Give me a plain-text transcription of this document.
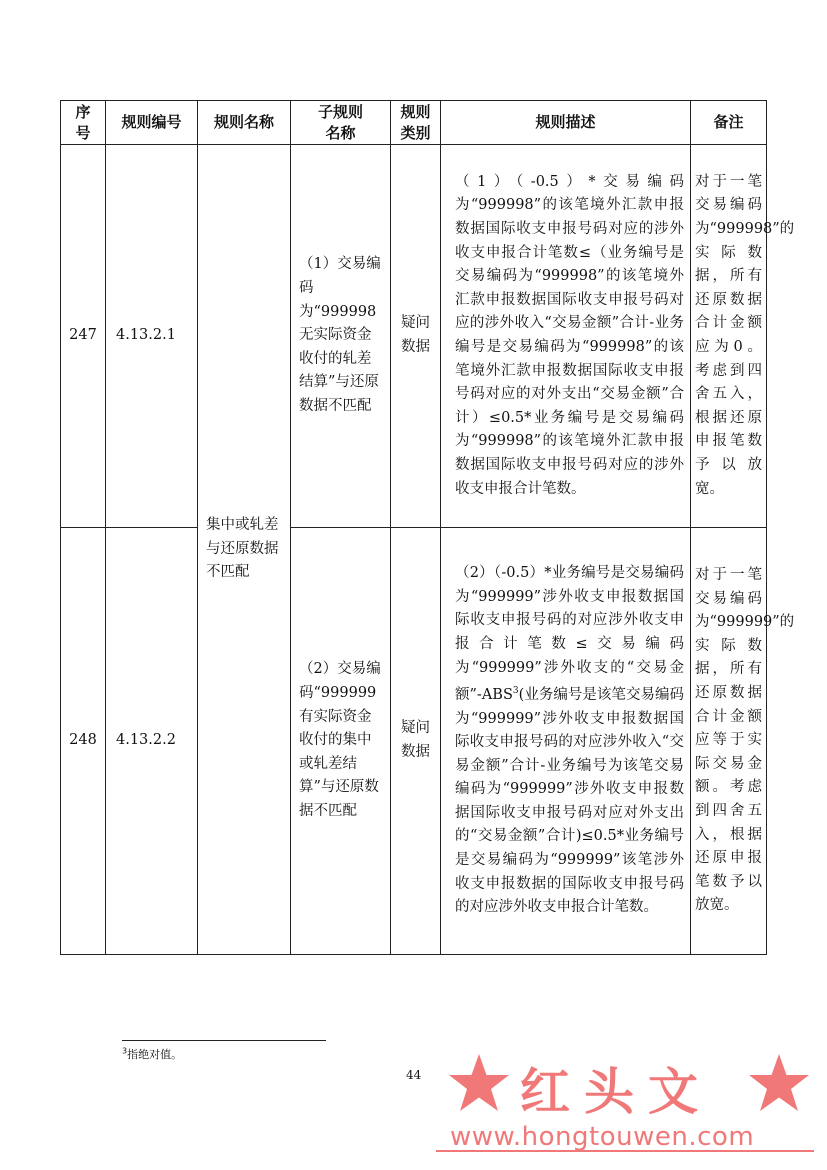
序号	规则编号	规则名称	子规则名称	规则类别	规则描述	备注
247	4.13.2.1	集中或轧差与还原数据不匹配	（1）交易编码为“999998 无实际资金收付的轧差结算”与还原数据不匹配	疑问数据	（1）（-0.5）*交易编码为“999998”的该笔境外汇款申报数据国际收支申报号码对应的涉外收支申报合计笔数≤（业务编号是交易编码为“999998”的该笔境外汇款申报数据国际收支申报号码对应的涉外收入“交易金额”合计-业务编号是交易编码为“999998”的该笔境外汇款申报数据国际收支申报号码对应的对外支出“交易金额”合计）≤0.5*业务编号是交易编码为“999998”的该笔境外汇款申报数据国际收支申报号码对应的涉外收支申报合计笔数。	对于一笔交易编码为“999998”的实际数据，所有还原数据合计金额应为0。考虑到四舍五入，根据还原申报笔数予以放宽。
248	4.13.2.2		（2）交易编码“999999 有实际资金收付的集中或轧差结算”与还原数据不匹配	疑问数据	（2）（-0.5）*业务编号是交易编码为“999999”涉外收支申报数据国际收支申报号码的对应涉外收支申报合计笔数≤交易编码为“999999”涉外收支的“交易金额”-ABS$^3$(业务编号是该笔交易编码为“999999”涉外收支申报数据国际收支申报号码的对应涉外收入“交易金额”合计-业务编号为该笔交易编码为“999999”涉外收支申报数据国际收支申报号码对应对外支出的“交易金额”合计)≤0.5*业务编号是交易编码为“999999”该笔涉外收支申报数据的国际收支申报号码的对应涉外收支申报合计笔数。	对于一笔交易编码为“999999”的实际数据，所有还原数据合计金额应等于实际交易金额。考虑到四舍五入，根据还原申报笔数予以放宽。
$^3$指绝对值。
44 红头文
www.hongtouwen.com
